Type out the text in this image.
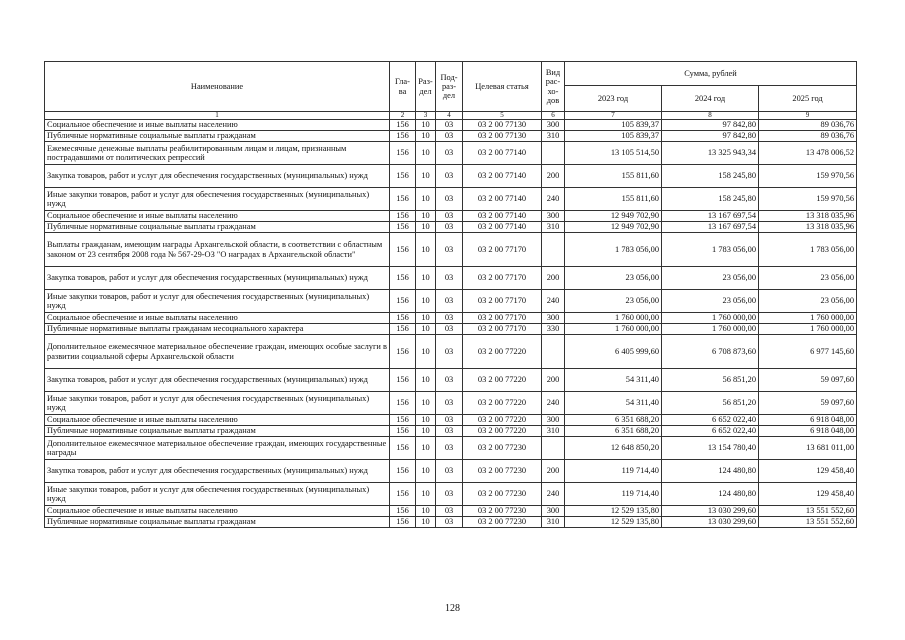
Наименование	Гла-ва	Раз-дел	Под-раз-дел	Целевая статья	Вид рас-хо-дов	Сумма, рублей		
						2023 год	2024 год	2025 год
1	2	3	4	5	6	7	8	9
Социальное обеспечение и иные выплаты населению	156	10	03	03 2 00 77130	300	105 839,37	97 842,80	89 036,76
Публичные нормативные социальные выплаты гражданам	156	10	03	03 2 00 77130	310	105 839,37	97 842,80	89 036,76
Ежемесячные денежные выплаты реабилитированным лицам и лицам, признанным пострадавшими от политических репрессий	156	10	03	03 2 00 77140		13 105 514,50	13 325 943,34	13 478 006,52
Закупка товаров, работ и услуг для обеспечения государственных (муниципальных) нужд	156	10	03	03 2 00 77140	200	155 811,60	158 245,80	159 970,56
Иные закупки товаров, работ и услуг для обеспечения государственных (муниципальных) нужд	156	10	03	03 2 00 77140	240	155 811,60	158 245,80	159 970,56
Социальное обеспечение и иные выплаты населению	156	10	03	03 2 00 77140	300	12 949 702,90	13 167 697,54	13 318 035,96
Публичные нормативные социальные выплаты гражданам	156	10	03	03 2 00 77140	310	12 949 702,90	13 167 697,54	13 318 035,96
Выплаты гражданам, имеющим награды Архангельской области, в соответствии с областным законом от 23 сентября 2008 года № 567-29-ОЗ "О наградах в Архангельской области"	156	10	03	03 2 00 77170		1 783 056,00	1 783 056,00	1 783 056,00
Закупка товаров, работ и услуг для обеспечения государственных (муниципальных) нужд	156	10	03	03 2 00 77170	200	23 056,00	23 056,00	23 056,00
Иные закупки товаров, работ и услуг для обеспечения государственных (муниципальных) нужд	156	10	03	03 2 00 77170	240	23 056,00	23 056,00	23 056,00
Социальное обеспечение и иные выплаты населению	156	10	03	03 2 00 77170	300	1 760 000,00	1 760 000,00	1 760 000,00
Публичные нормативные выплаты гражданам несоциального характера	156	10	03	03 2 00 77170	330	1 760 000,00	1 760 000,00	1 760 000,00
Дополнительное ежемесячное материальное обеспечение граждан, имеющих особые заслуги в развитии социальной сферы Архангельской области	156	10	03	03 2 00 77220		6 405 999,60	6 708 873,60	6 977 145,60
Закупка товаров, работ и услуг для обеспечения государственных (муниципальных) нужд	156	10	03	03 2 00 77220	200	54 311,40	56 851,20	59 097,60
Иные закупки товаров, работ и услуг для обеспечения государственных (муниципальных) нужд	156	10	03	03 2 00 77220	240	54 311,40	56 851,20	59 097,60
Социальное обеспечение и иные выплаты населению	156	10	03	03 2 00 77220	300	6 351 688,20	6 652 022,40	6 918 048,00
Публичные нормативные социальные выплаты гражданам	156	10	03	03 2 00 77220	310	6 351 688,20	6 652 022,40	6 918 048,00
Дополнительное ежемесячное материальное обеспечение граждан, имеющих государственные награды	156	10	03	03 2 00 77230		12 648 850,20	13 154 780,40	13 681 011,00
Закупка товаров, работ и услуг для обеспечения государственных (муниципальных) нужд	156	10	03	03 2 00 77230	200	119 714,40	124 480,80	129 458,40
Иные закупки товаров, работ и услуг для обеспечения государственных (муниципальных) нужд	156	10	03	03 2 00 77230	240	119 714,40	124 480,80	129 458,40
Социальное обеспечение и иные выплаты населению	156	10	03	03 2 00 77230	300	12 529 135,80	13 030 299,60	13 551 552,60
Публичные нормативные социальные выплаты гражданам	156	10	03	03 2 00 77230	310	12 529 135,80	13 030 299,60	13 551 552,60
128
